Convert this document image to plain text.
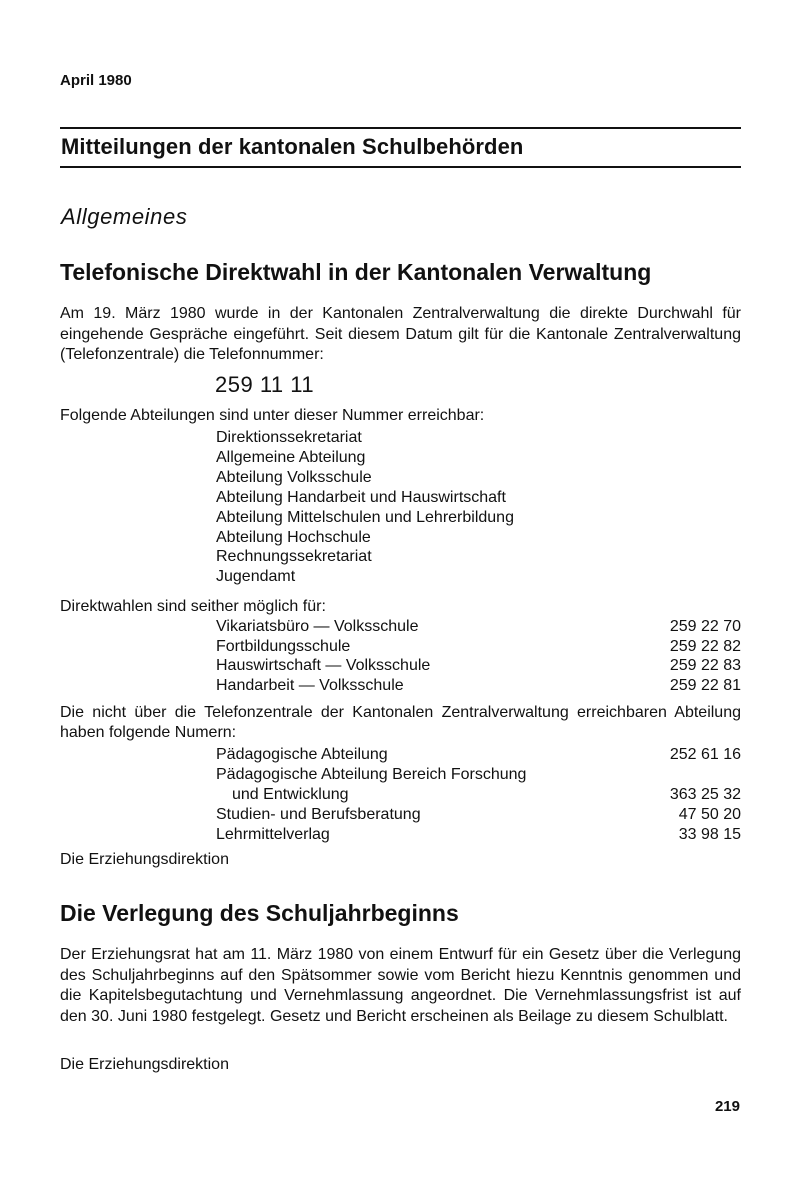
April 1980
Mitteilungen der kantonalen Schulbehörden
Allgemeines
Telefonische Direktwahl in der Kantonalen Verwaltung
Am 19. März 1980 wurde in der Kantonalen Zentralverwaltung die direkte Durchwahl für eingehende Gespräche eingeführt. Seit diesem Datum gilt für die Kantonale Zentralverwaltung (Telefonzentrale) die Telefonnummer:
259 11 11
Folgende Abteilungen sind unter dieser Nummer erreichbar:
Direktionssekretariat
Allgemeine Abteilung
Abteilung Volksschule
Abteilung Handarbeit und Hauswirtschaft
Abteilung Mittelschulen und Lehrerbildung
Abteilung Hochschule
Rechnungssekretariat
Jugendamt
Direktwahlen sind seither möglich für:
Vikariatsbüro — Volksschule	259 22 70
Fortbildungsschule	259 22 82
Hauswirtschaft — Volksschule	259 22 83
Handarbeit — Volksschule	259 22 81
Die nicht über die Telefonzentrale der Kantonalen Zentralverwaltung erreichbaren Abteilung haben folgende Numern:
Pädagogische Abteilung	252 61 16
Pädagogische Abteilung Bereich Forschung
und Entwicklung	363 25 32
Studien- und Berufsberatung	47 50 20
Lehrmittelverlag	33 98 15
Die Erziehungsdirektion
Die Verlegung des Schuljahrbeginns
Der Erziehungsrat hat am 11. März 1980 von einem Entwurf für ein Gesetz über die Verlegung des Schuljahrbeginns auf den Spätsommer sowie vom Bericht hiezu Kenntnis genommen und die Kapitelsbegutachtung und Vernehmlassung angeordnet. Die Vernehmlassungsfrist ist auf den 30. Juni 1980 festgelegt. Gesetz und Bericht erscheinen als Beilage zu diesem Schulblatt.
Die Erziehungsdirektion
219
